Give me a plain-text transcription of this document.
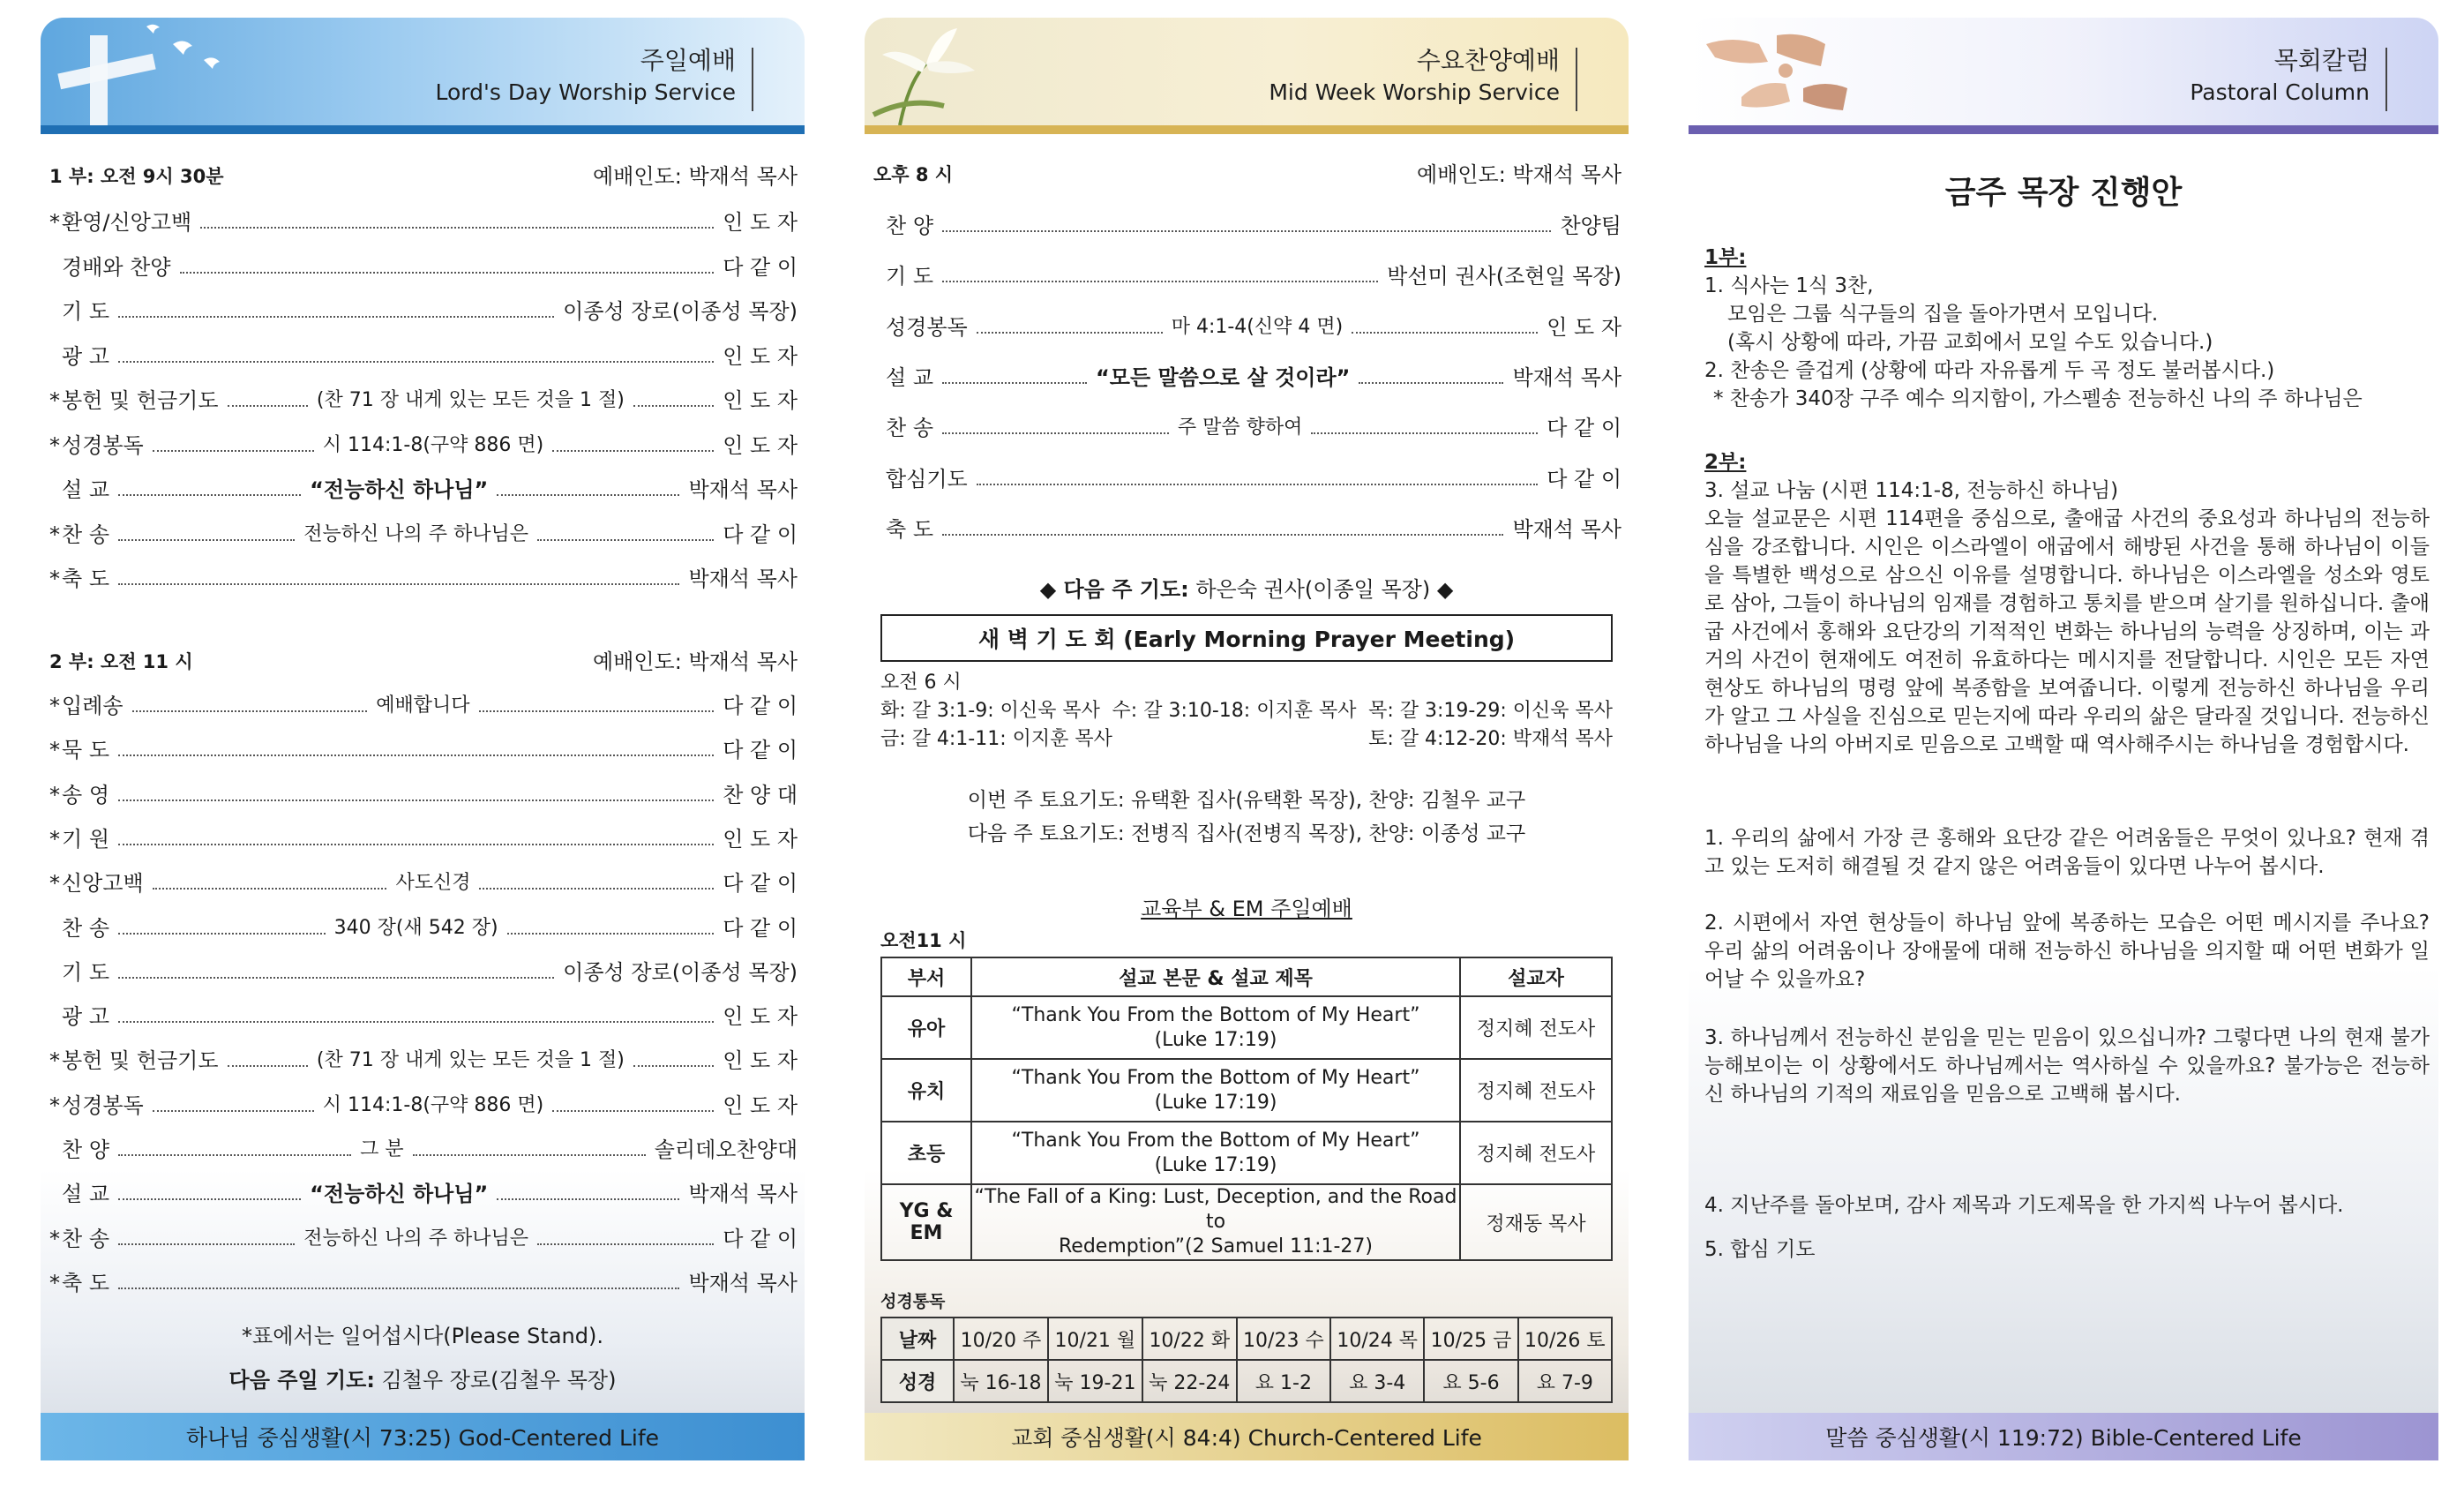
주일예배
Lord's Day Worship Service
1 부: 오전 9시 30분	예배인도: 박재석 목사
* 환영/신앙고백	인 도 자
경배와 찬양	다 같 이
기 도	이종성 장로(이종성 목장)
광 고	인 도 자
* 봉헌 및 헌금기도	(찬 71 장 내게 있는 모든 것을 1 절)	인 도 자
* 성경봉독	시 114:1-8(구약 886 면)	인 도 자
설 교	“전능하신 하나님”	박재석 목사
* 찬 송	전능하신 나의 주 하나님은	다 같 이
* 축 도	박재석 목사
2 부: 오전 11 시	예배인도: 박재석 목사
* 입례송	예배합니다	다 같 이
* 묵 도	다 같 이
* 송 영	찬 양 대
* 기 원	인 도 자
* 신앙고백	사도신경	다 같 이
찬 송	340 장(새 542 장)	다 같 이
기 도	이종성 장로(이종성 목장)
광 고	인 도 자
* 봉헌 및 헌금기도	(찬 71 장 내게 있는 모든 것을 1 절)	인 도 자
* 성경봉독	시 114:1-8(구약 886 면)	인 도 자
찬 양	그 분	솔리데오찬양대
설 교	“전능하신 하나님”	박재석 목사
* 찬 송	전능하신 나의 주 하나님은	다 같 이
* 축 도	박재석 목사
*표에서는 일어섭시다(Please Stand).
다음 주일 기도: 김철우 장로(김철우 목장)
하나님 중심생활(시 73:25) God-Centered Life
수요찬양예배
Mid Week Worship Service
오후 8 시	예배인도: 박재석 목사
찬 양	찬양팀
기 도	박선미 권사(조현일 목장)
성경봉독	마 4:1-4(신약 4 면)	인 도 자
설 교	“모든 말씀으로 살 것이라”	박재석 목사
찬 송	주 말씀 향하여	다 같 이
합심기도	다 같 이
축 도	박재석 목사
◆ 다음 주 기도: 하은숙 권사(이종일 목장) ◆
새 벽 기 도 회 (Early Morning Prayer Meeting)
오전 6 시
화: 갈 3:1-9: 이신욱 목사 수: 갈 3:10-18: 이지훈 목사 목: 갈 3:19-29: 이신욱 목사
금: 갈 4:1-11: 이지훈 목사	토: 갈 4:12-20: 박재석 목사
이번 주 토요기도: 유택환 집사(유택환 목장), 찬양: 김철우 교구
다음 주 토요기도: 전병직 집사(전병직 목장), 찬양: 이종성 교구
교육부 & EM 주일예배
오전11 시
부서	설교 본문 & 설교 제목	설교자
유아	“Thank You From the Bottom of My Heart”
(Luke 17:19)	정지혜 전도사
유치	“Thank You From the Bottom of My Heart”
(Luke 17:19)	정지혜 전도사
초등	“Thank You From the Bottom of My Heart”
(Luke 17:19)	정지혜 전도사
YG & EM	“The Fall of a King: Lust, Deception, and the Road to
Redemption”(2 Samuel 11:1-27)	정재동 목사
성경통독
날짜	10/20 주	10/21 월	10/22 화	10/23 수	10/24 목	10/25 금	10/26 토
성경	눅 16-18	눅 19-21	눅 22-24	요 1-2	요 3-4	요 5-6	요 7-9
교회 중심생활(시 84:4) Church-Centered Life
목회칼럼
Pastoral Column
금주 목장 진행안

1부:

1. 식사는 1식 3찬,

모임은 그룹 식구들의 집을 돌아가면서 모입니다.

(혹시 상황에 따라, 가끔 교회에서 모일 수도 있습니다.)

2. 찬송은 즐겁게 (상황에 따라 자유롭게 두 곡 정도 불러봅시다.)

* 찬송가 340장 구주 예수 의지함이, 가스펠송 전능하신 나의 주 하나님은

2부:

3. 설교 나눔 (시편 114:1-8, 전능하신 하나님)

오늘 설교문은 시편 114편을 중심으로, 출애굽 사건의 중요성과 하나님의 전능하심을 강조합니다. 시인은 이스라엘이 애굽에서 해방된 사건을 통해 하나님이 이들을 특별한 백성으로 삼으신 이유를 설명합니다. 하나님은 이스라엘을 성소와 영토로 삼아, 그들이 하나님의 임재를 경험하고 통치를 받으며 살기를 원하십니다. 출애굽 사건에서 홍해와 요단강의 기적적인 변화는 하나님의 능력을 상징하며, 이는 과거의 사건이 현재에도 여전히 유효하다는 메시지를 전달합니다. 시인은 모든 자연 현상도 하나님의 명령 앞에 복종함을 보여줍니다. 이렇게 전능하신 하나님을 우리가 알고 그 사실을 진심으로 믿는지에 따라 우리의 삶은 달라질 것입니다. 전능하신 하나님을 나의 아버지로 믿음으로 고백할 때 역사해주시는 하나님을 경험합시다.

1. 우리의 삶에서 가장 큰 홍해와 요단강 같은 어려움들은 무엇이 있나요? 현재 겪고 있는 도저히 해결될 것 같지 않은 어려움들이 있다면 나누어 봅시다.
2. 시편에서 자연 현상들이 하나님 앞에 복종하는 모습은 어떤 메시지를 주나요? 우리 삶의 어려움이나 장애물에 대해 전능하신 하나님을 의지할 때 어떤 변화가 일어날 수 있을까요?
3. 하나님께서 전능하신 분임을 믿는 믿음이 있으십니까? 그렇다면 나의 현재 불가능해보이는 이 상황에서도 하나님께서는 역사하실 수 있을까요? 불가능은 전능하신 하나님의 기적의 재료임을 믿음으로 고백해 봅시다.
4. 지난주를 돌아보며, 감사 제목과 기도제목을 한 가지씩 나누어 봅시다.
5. 합심 기도
말씀 중심생활(시 119:72) Bible-Centered Life
